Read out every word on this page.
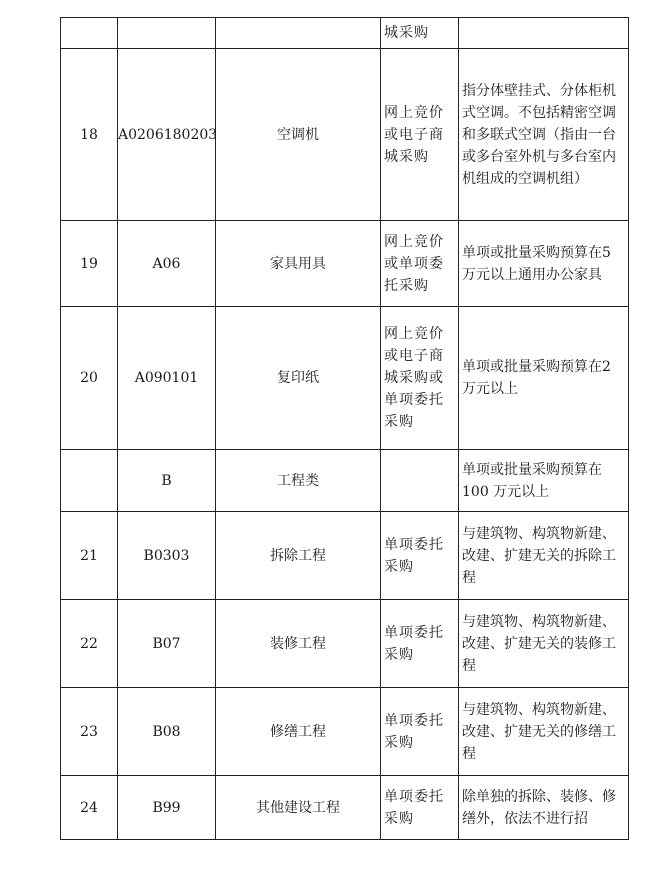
			城采购	
18	A0206180203	空调机	网上竞价或电子商城采购	指分体壁挂式、分体柜机式空调。不包括精密空调和多联式空调（指由一台或多台室外机与多台室内机组成的空调机组）
19	A06	家具用具	网上竞价或单项委托采购	单项或批量采购预算在5 万元以上通用办公家具
20	A090101	复印纸	网上竞价或电子商城采购或单项委托采购	单项或批量采购预算在2 万元以上
	B	工程类		单项或批量采购预算在100 万元以上
21	B0303	拆除工程	单项委托采购	与建筑物、构筑物新建、改建、扩建无关的拆除工程
22	B07	装修工程	单项委托采购	与建筑物、构筑物新建、改建、扩建无关的装修工程
23	B08	修缮工程	单项委托采购	与建筑物、构筑物新建、改建、扩建无关的修缮工程
24	B99	其他建设工程	单项委托采购	除单独的拆除、装修、修缮外，依法不进行招
